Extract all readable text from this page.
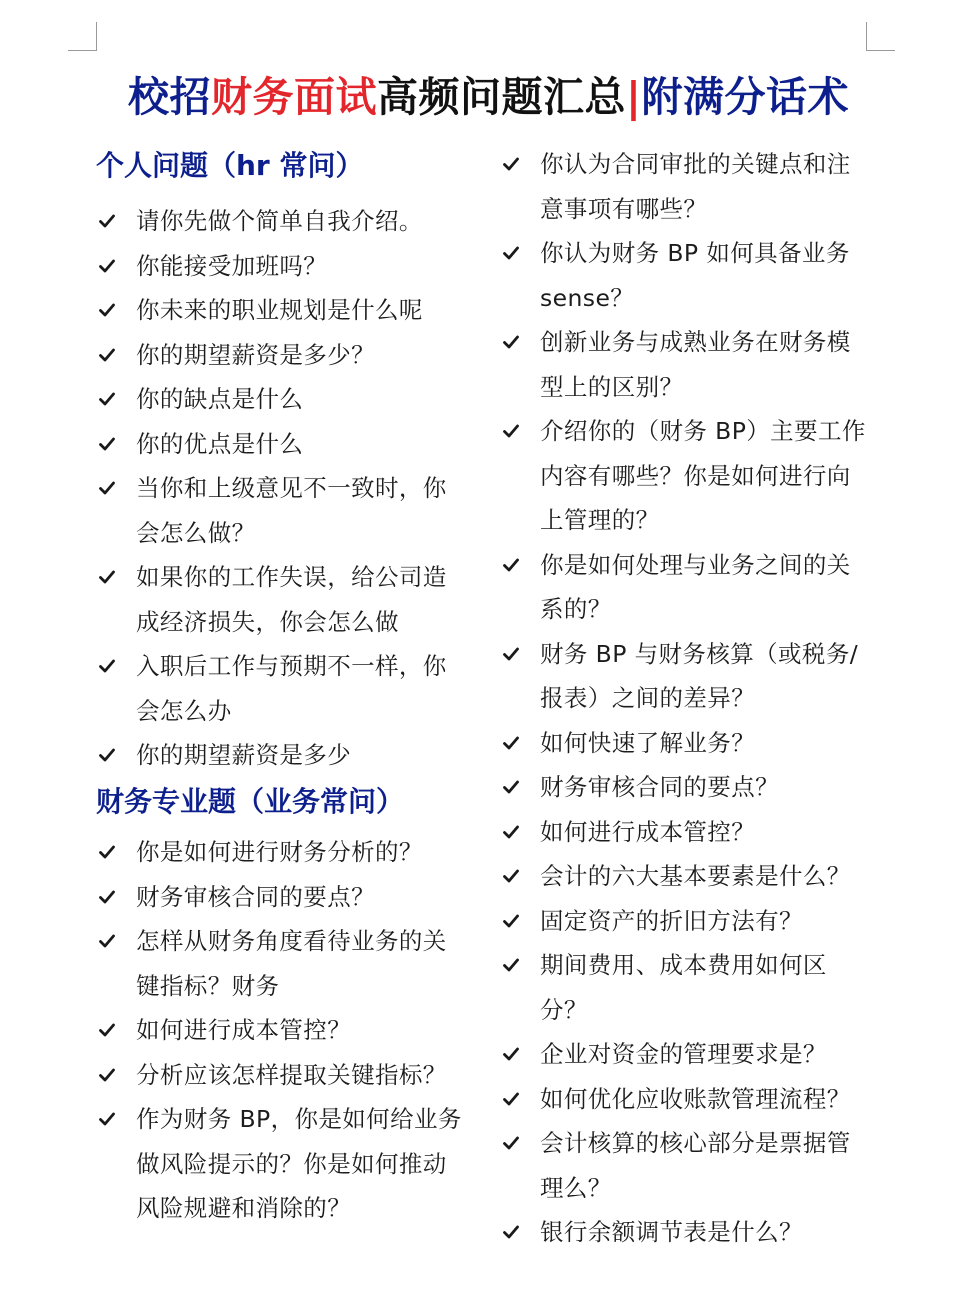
校招财务面试高频问题汇总|附满分话术
个人问题（hr 常问）
请你先做个简单自我介绍。
你能接受加班吗？
你未来的职业规划是什么呢
你的期望薪资是多少？
你的缺点是什么
你的优点是什么
当你和上级意见不一致时，你会怎么做？
如果你的工作失误，给公司造成经济损失，你会怎么做
入职后工作与预期不一样，你会怎么办
你的期望薪资是多少
财务专业题（业务常问）
你是如何进行财务分析的？
财务审核合同的要点？
怎样从财务角度看待业务的关键指标？财务
如何进行成本管控？
分析应该怎样提取关键指标？
作为财务 BP，你是如何给业务做风险提示的？你是如何推动风险规避和消除的？
你认为合同审批的关键点和注意事项有哪些？
你认为财务 BP 如何具备业务 sense？
创新业务与成熟业务在财务模型上的区别？
介绍你的（财务 BP）主要工作内容有哪些？你是如何进行向上管理的？
你是如何处理与业务之间的关系的？
财务 BP 与财务核算（或税务/报表）之间的差异？
如何快速了解业务？
财务审核合同的要点？
如何进行成本管控？
会计的六大基本要素是什么？
固定资产的折旧方法有？
期间费用、成本费用如何区分？
企业对资金的管理要求是？
如何优化应收账款管理流程？
会计核算的核心部分是票据管理么？
银行余额调节表是什么？
